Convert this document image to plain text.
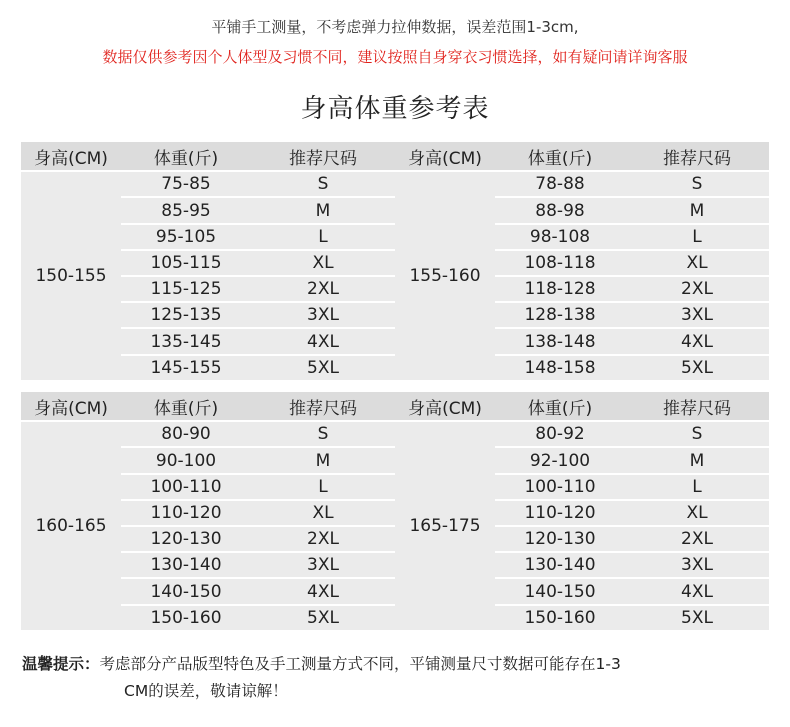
平铺手工测量，不考虑弹力拉伸数据，误差范围1-3cm,
数据仅供参考因个人体型及习惯不同，建议按照自身穿衣习惯选择，如有疑问请详询客服
身高体重参考表
身高(CM)	体重(斤)	推荐尺码
150-155	75-85	S
	85-95	M
	95-105	L
	105-115	XL
	115-125	2XL
	125-135	3XL
	135-145	4XL
	145-155	5XL
身高(CM)	体重(斤)	推荐尺码
155-160	78-88	S
	88-98	M
	98-108	L
	108-118	XL
	118-128	2XL
	128-138	3XL
	138-148	4XL
	148-158	5XL
身高(CM)	体重(斤)	推荐尺码
160-165	80-90	S
	90-100	M
	100-110	L
	110-120	XL
	120-130	2XL
	130-140	3XL
	140-150	4XL
	150-160	5XL
身高(CM)	体重(斤)	推荐尺码
165-175	80-92	S
	92-100	M
	100-110	L
	110-120	XL
	120-130	2XL
	130-140	3XL
	140-150	4XL
	150-160	5XL
温馨提示：考虑部分产品版型特色及手工测量方式不同，平铺测量尺寸数据可能存在1-3
CM的误差，敬请谅解！
